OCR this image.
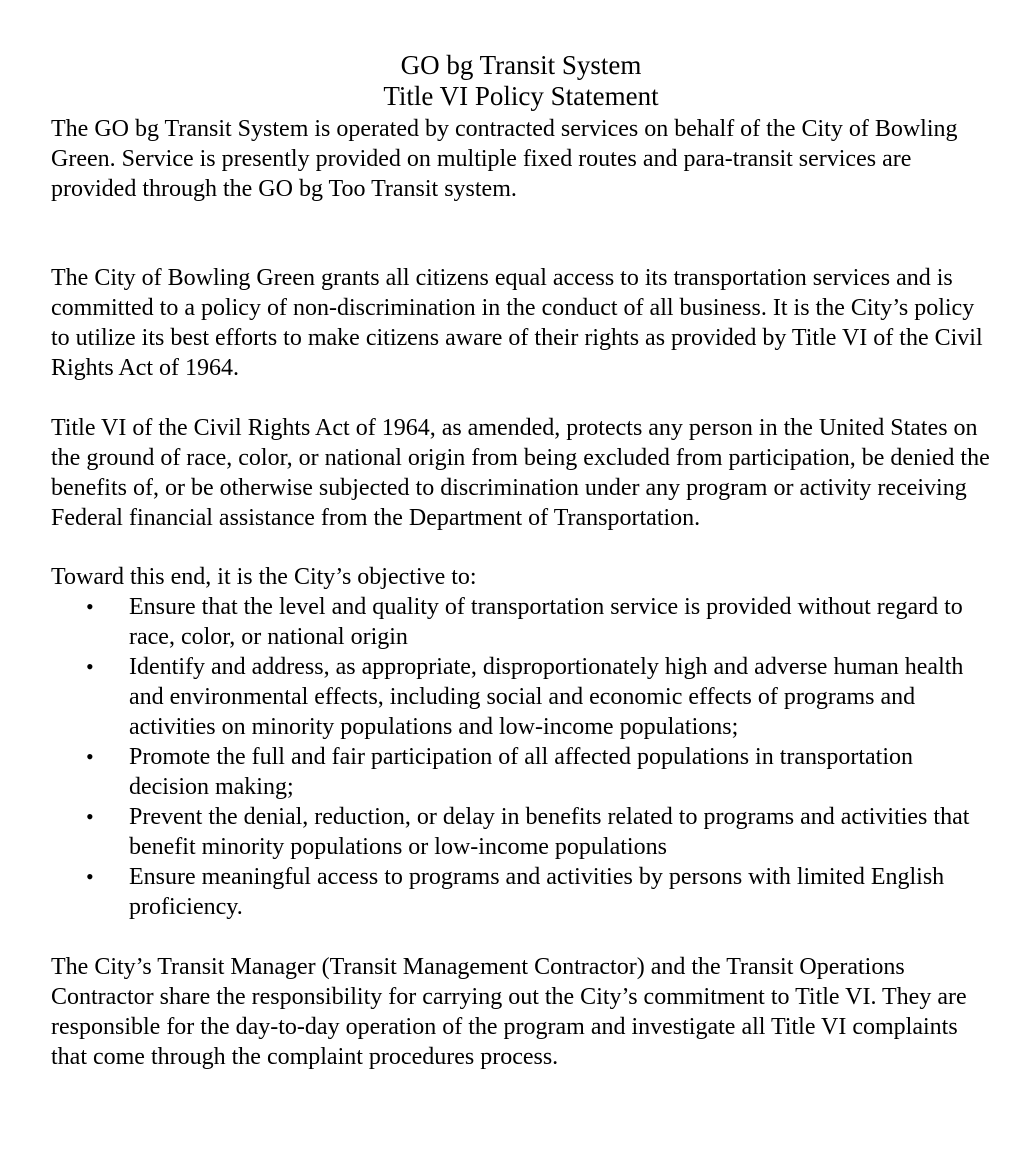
GO bg Transit System
Title VI Policy Statement

The GO bg Transit System is operated by contracted services on behalf of the City of Bowling Green. Service is presently provided on multiple fixed routes and para-transit services are provided through the GO bg Too Transit system.

The City of Bowling Green grants all citizens equal access to its transportation services and is committed to a policy of non-discrimination in the conduct of all business. It is the City’s policy to utilize its best efforts to make citizens aware of their rights as provided by Title VI of the Civil Rights Act of 1964.

Title VI of the Civil Rights Act of 1964, as amended, protects any person in the United States on the ground of race, color, or national origin from being excluded from participation, be denied the benefits of, or be otherwise subjected to discrimination under any program or activity receiving Federal financial assistance from the Department of Transportation.

Toward this end, it is the City’s objective to:

• Ensure that the level and quality of transportation service is provided without regard to race, color, or national origin
• Identify and address, as appropriate, disproportionately high and adverse human health and environmental effects, including social and economic effects of programs and activities on minority populations and low-income populations;
• Promote the full and fair participation of all affected populations in transportation decision making;
• Prevent the denial, reduction, or delay in benefits related to programs and activities that benefit minority populations or low-income populations
• Ensure meaningful access to programs and activities by persons with limited English proficiency.

The City’s Transit Manager (Transit Management Contractor) and the Transit Operations Contractor share the responsibility for carrying out the City’s commitment to Title VI. They are responsible for the day-to-day operation of the program and investigate all Title VI complaints that come through the complaint procedures process.
